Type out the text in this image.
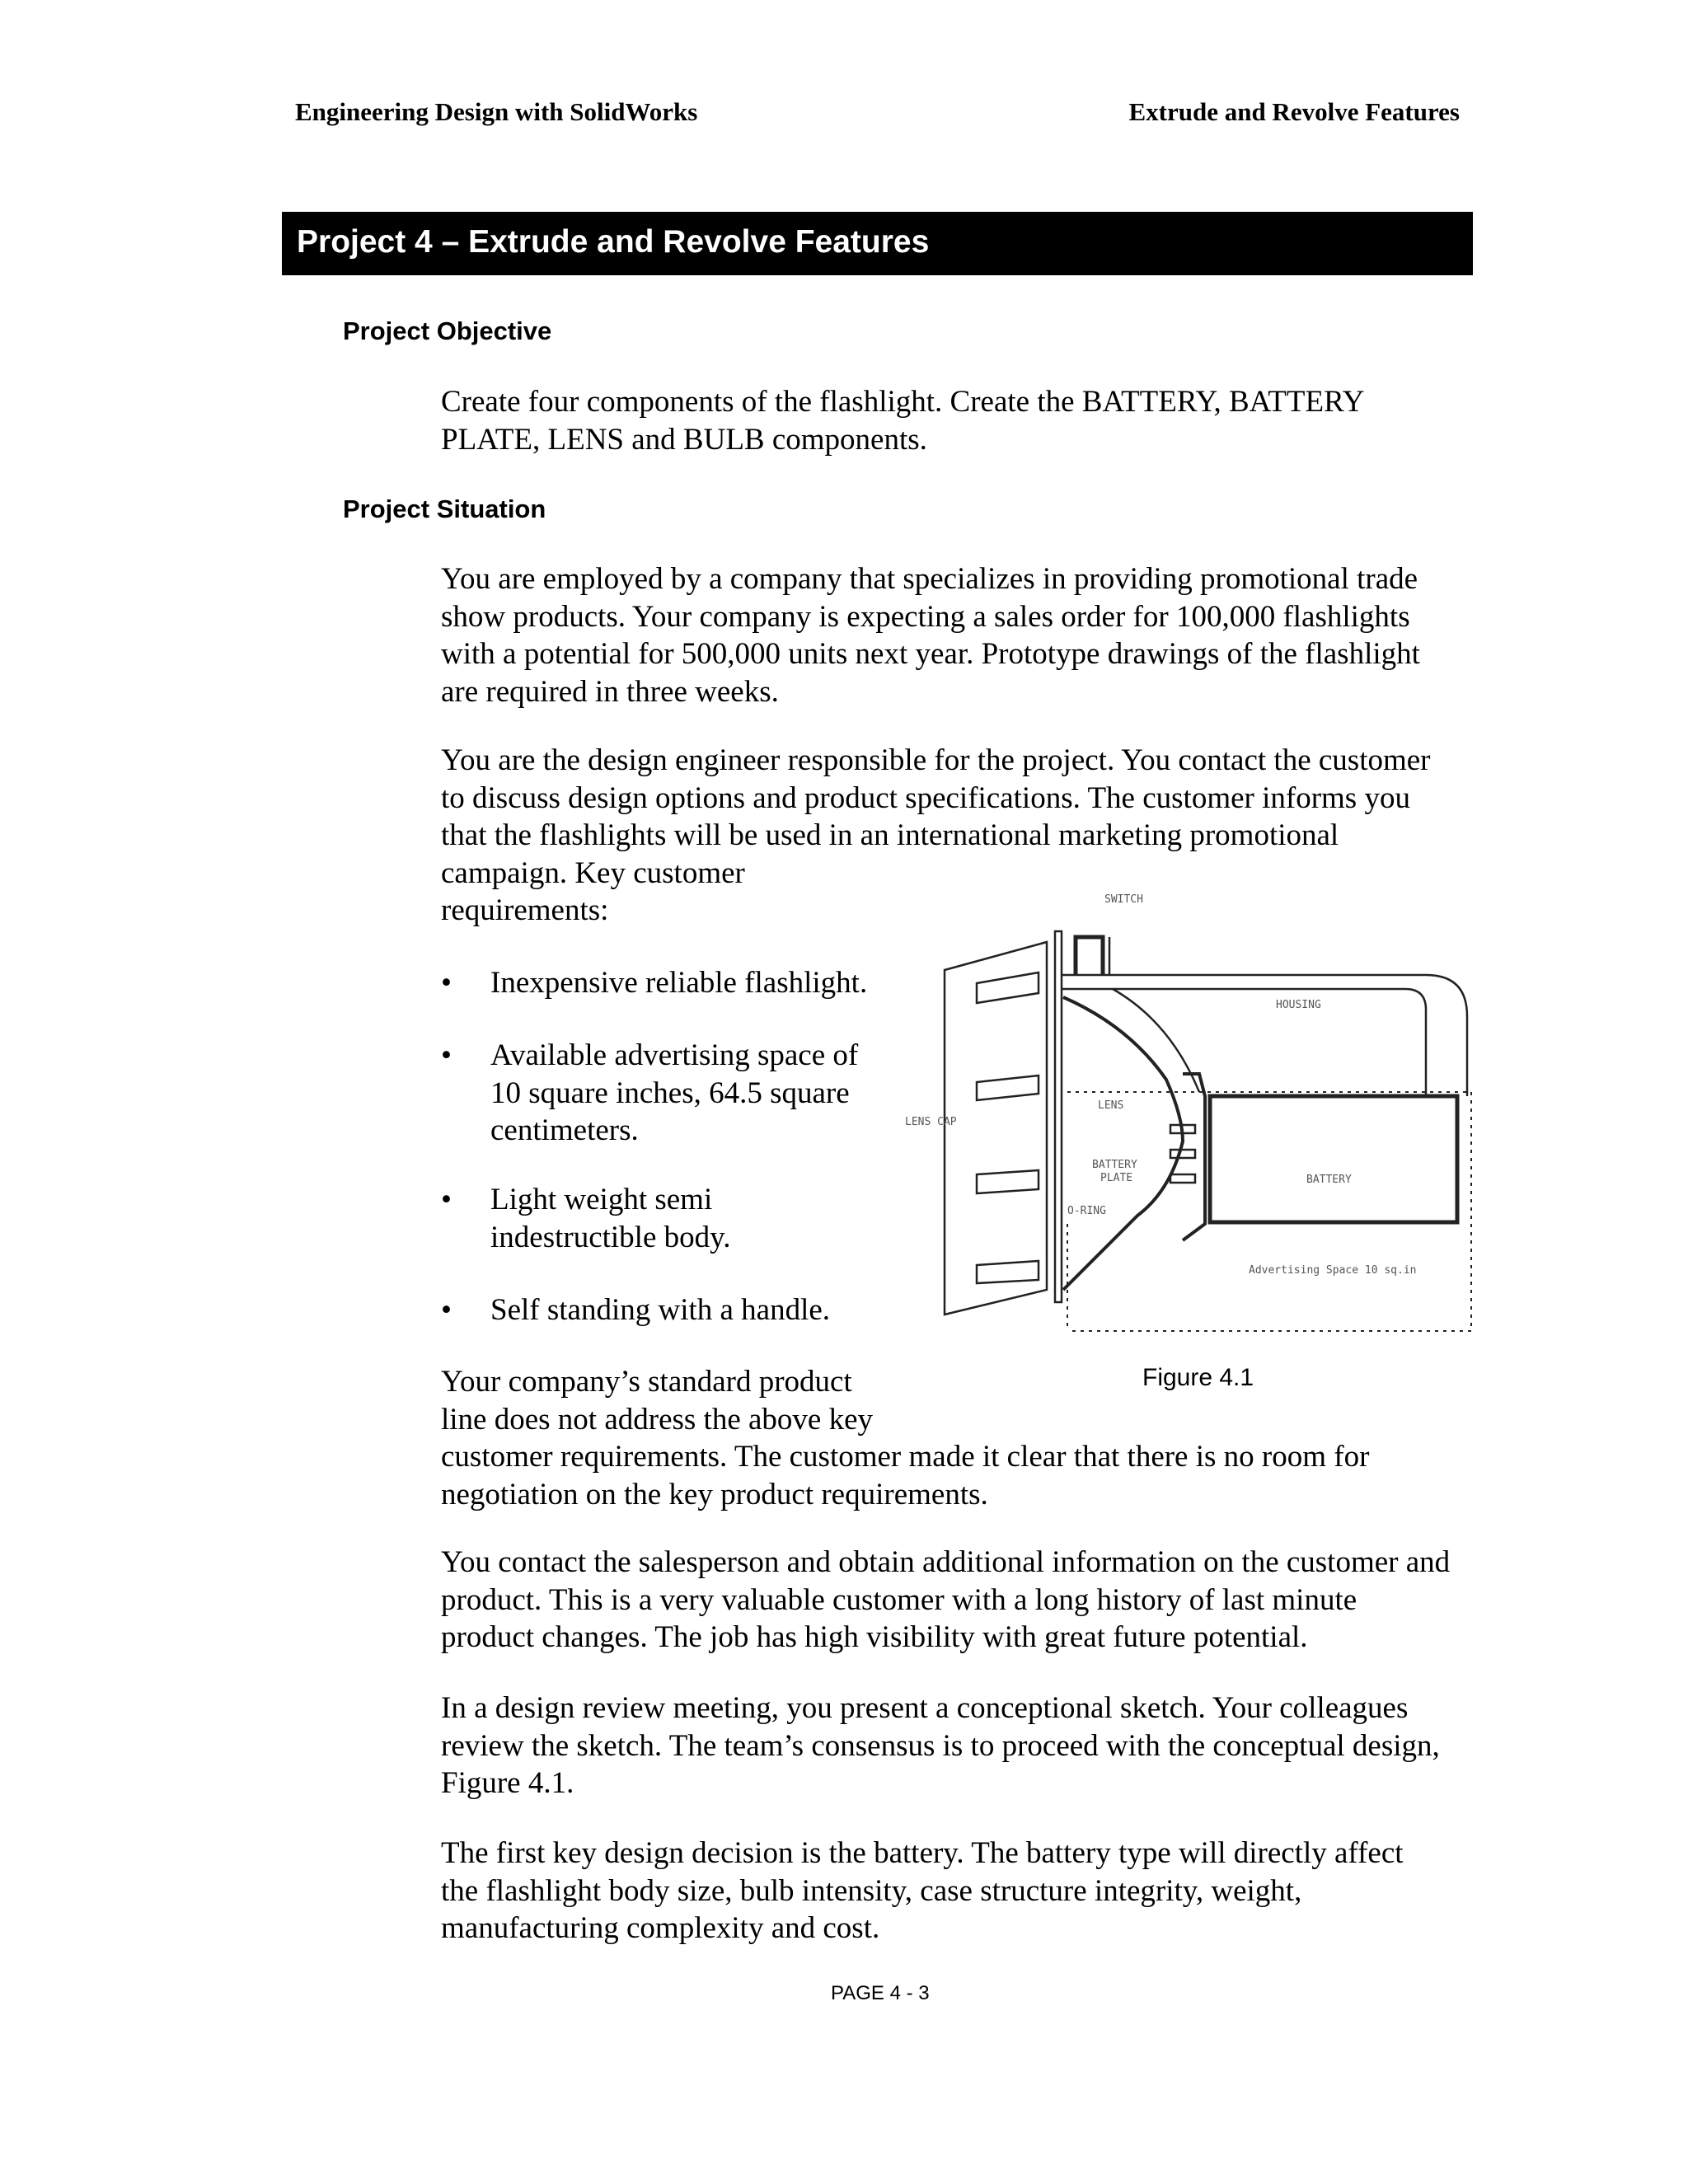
Engineering Design with SolidWorks	Extrude and Revolve Features
Project 4 – Extrude and Revolve Features
Project Objective
Create four components of the flashlight. Create the BATTERY, BATTERY
PLATE, LENS and BULB components.
Project Situation
You are employed by a company that specializes in providing promotional trade
show products. Your company is expecting a sales order for 100,000 flashlights
with a potential for 500,000 units next year. Prototype drawings of the flashlight
are required in three weeks.
You are the design engineer responsible for the project. You contact the customer
to discuss design options and product specifications. The customer informs you
that the flashlights will be used in an international marketing promotional
campaign. Key customer
requirements:
• Inexpensive reliable flashlight.
• Available advertising space of
10 square inches, 64.5 square
centimeters.
• Light weight semi
indestructible body.
• Self standing with a handle.
Your company’s standard product
line does not address the above key
customer requirements. The customer made it clear that there is no room for
negotiation on the key product requirements.
You contact the salesperson and obtain additional information on the customer and
product. This is a very valuable customer with a long history of last minute
product changes. The job has high visibility with great future potential.
In a design review meeting, you present a conceptional sketch. Your colleagues
review the sketch. The team’s consensus is to proceed with the conceptual design,
Figure 4.1.
The first key design decision is the battery. The battery type will directly affect
the flashlight body size, bulb intensity, case structure integrity, weight,
manufacturing complexity and cost.
SWITCH
HOUSING
LENS CAP
LENS
BATTERY
PLATE	BATTERY
O-RING
Advertising Space 10 sq.in
Figure 4.1
PAGE 4 - 3
